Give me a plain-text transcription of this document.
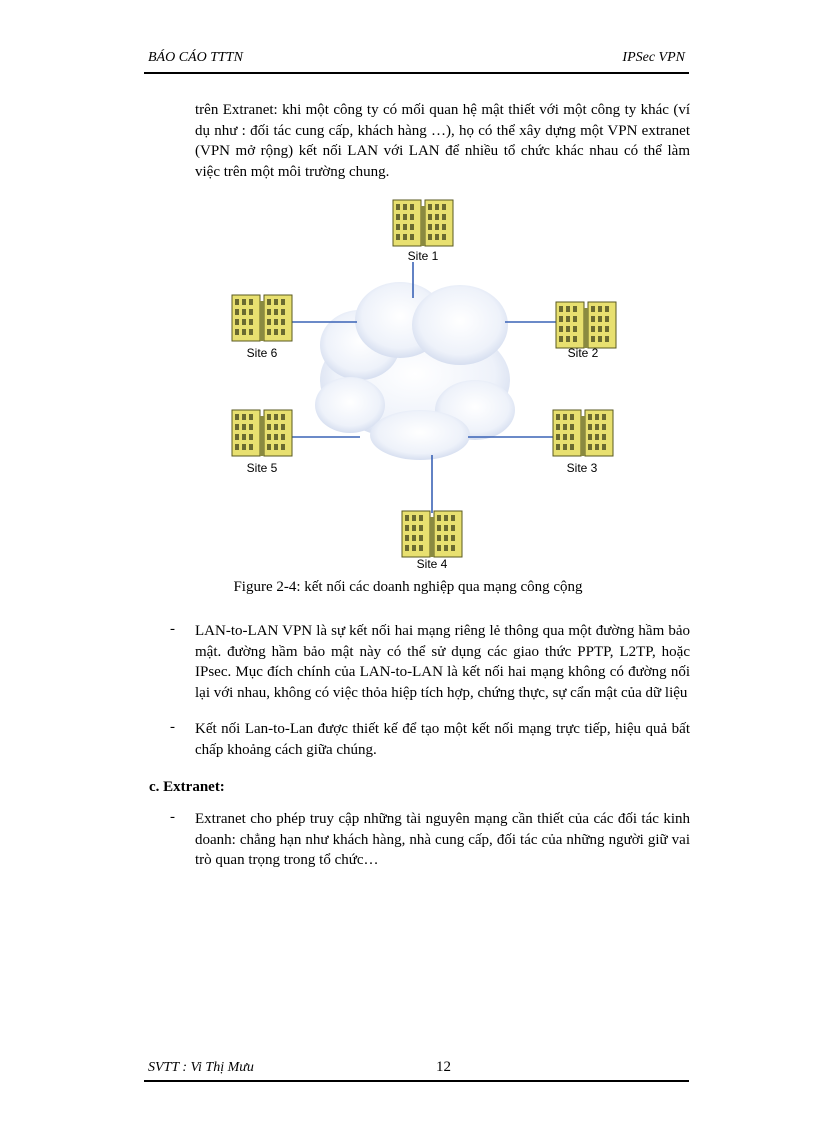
BÁO CÁO TTTN	IPSec VPN
trên Extranet: khi một công ty có mối quan hệ mật thiết với một công ty khác (ví dụ như : đối tác cung cấp, khách hàng …), họ có thể xây dựng một VPN extranet (VPN mở rộng) kết nối LAN với LAN để nhiều tổ chức khác nhau có thể làm việc trên một môi trường chung.
Site 1
Site 2
Site 3
Site 4
Site 5
Site 6
Figure 2-4: kết nối các doanh nghiệp qua mạng công cộng
- LAN-to-LAN VPN là sự kết nối hai mạng riêng lẻ thông qua một đường hầm bảo mật. đường hầm bảo mật này có thể sử dụng các giao thức PPTP, L2TP, hoặc IPsec. Mục đích chính của LAN-to-LAN là kết nối hai mạng không có đường nối lại với nhau, không có việc thỏa hiệp tích hợp, chứng thực, sự cẩn mật của dữ liệu
- Kết nối Lan-to-Lan được thiết kế để tạo một kết nối mạng trực tiếp, hiệu quả bất chấp khoảng cách giữa chúng.
c. Extranet:
- Extranet cho phép truy cập những tài nguyên mạng cần thiết của các đối tác kinh doanh: chẳng hạn như khách hàng, nhà cung cấp, đối tác của những người giữ vai trò quan trọng trong tổ chức…
SVTT : Vi Thị Mưu	12
